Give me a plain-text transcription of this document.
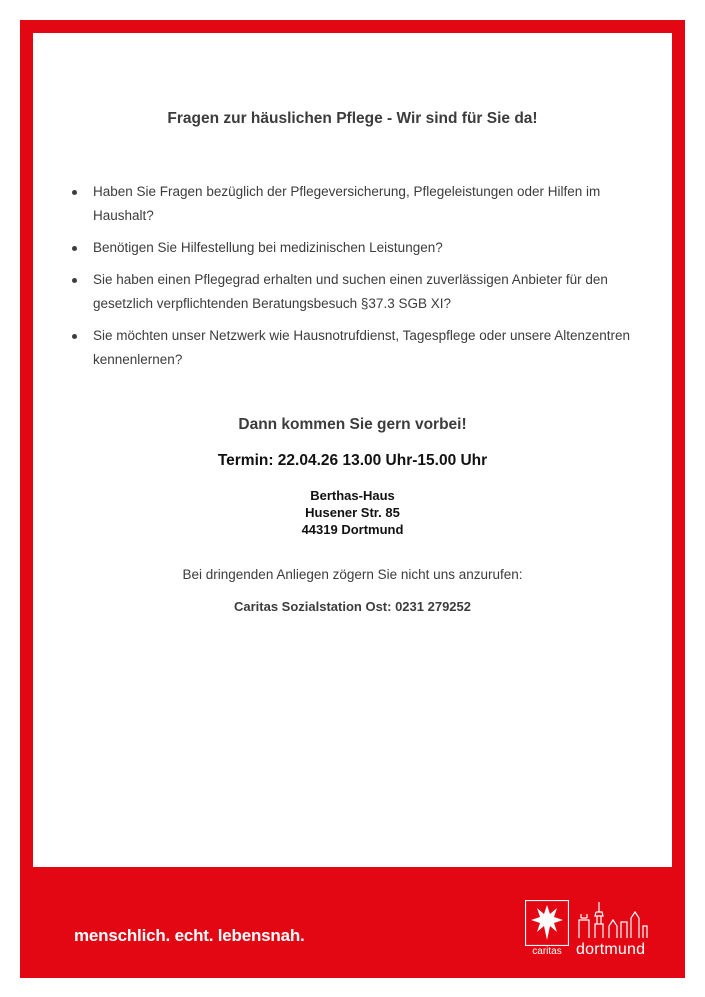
Fragen zur häuslichen Pflege - Wir sind für Sie da!
Haben Sie Fragen bezüglich der Pflegeversicherung, Pflegeleistungen oder Hilfen im Haushalt?
Benötigen Sie Hilfestellung bei medizinischen Leistungen?
Sie haben einen Pflegegrad erhalten und suchen einen zuverlässigen Anbieter für den gesetzlich verpflichtenden Beratungsbesuch §37.3 SGB XI?
Sie möchten unser Netzwerk wie Hausnotrufdienst, Tagespflege oder unsere Altenzentren kennenlernen?
Dann kommen Sie gern vorbei!
Termin: 22.04.26 13.00 Uhr-15.00 Uhr
Berthas-Haus
Husener Str. 85
44319 Dortmund
Bei dringenden Anliegen zögern Sie nicht uns anzurufen:
Caritas Sozialstation Ost: 0231 279252
menschlich. echt. lebensnah.
caritas dortmund
